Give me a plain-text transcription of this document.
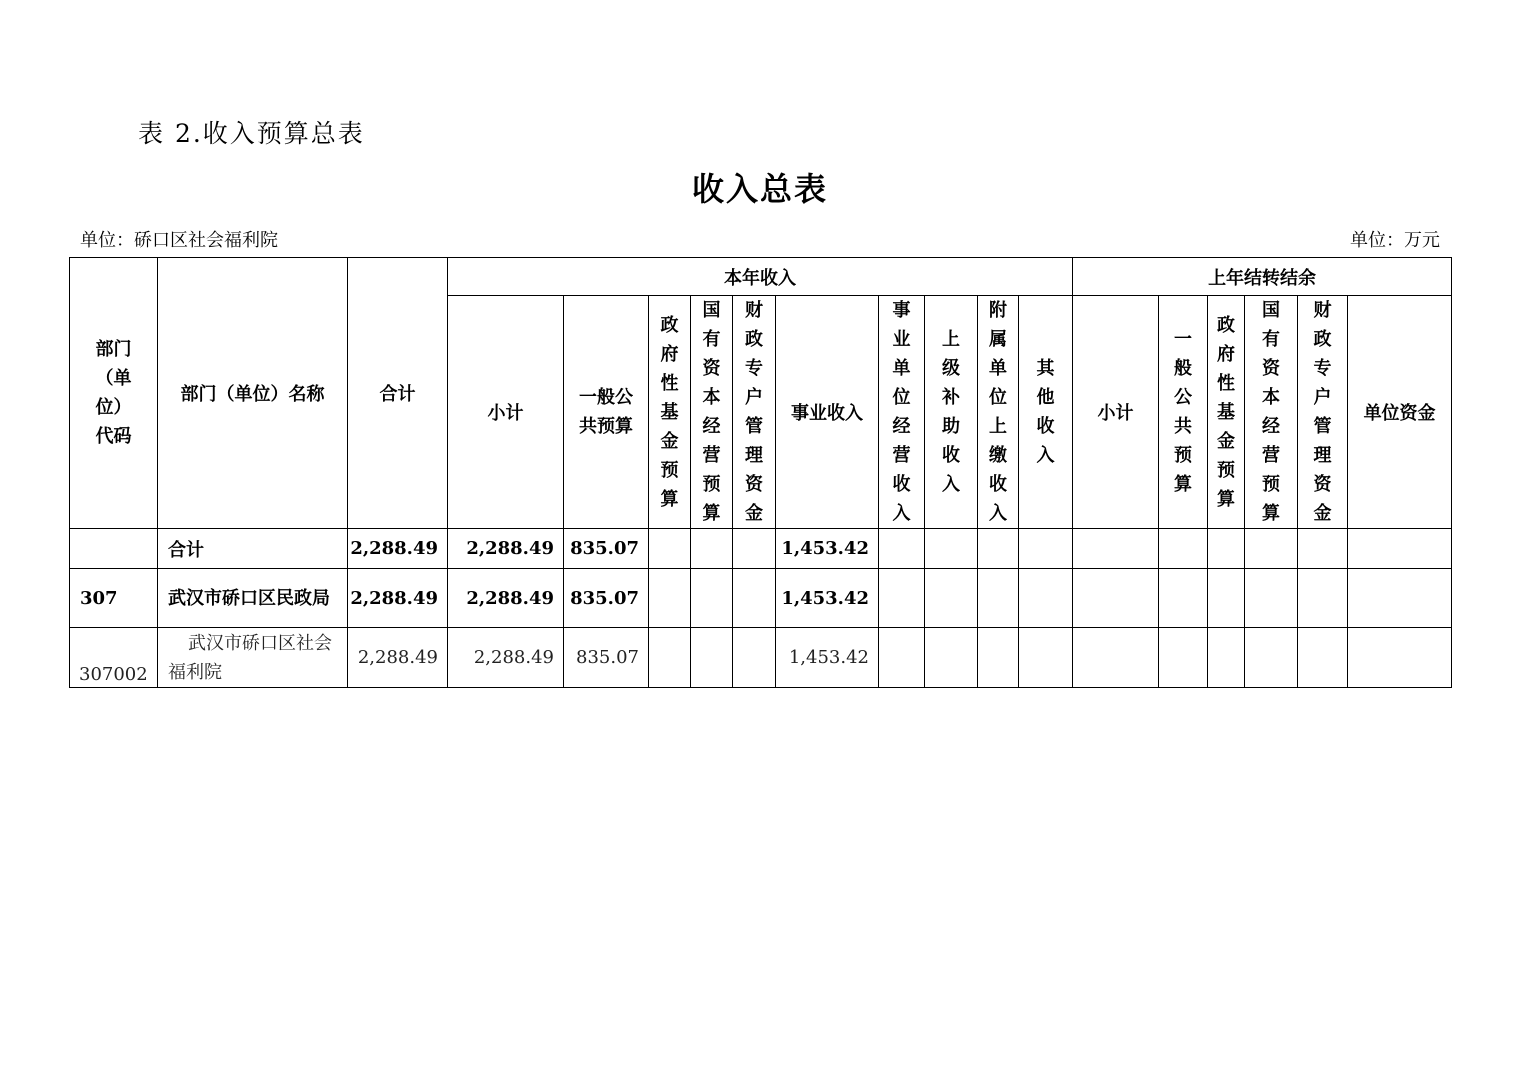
表 2.收入预算总表
收入总表
单位：硚口区社会福利院	单位：万元
部门（单位）代码	部门（单位）名称	合计	本年收入										上年结转结余					
			小计	一般公共预算	政府性基金预算	国有资本经营预算	财政专户管理资金	事业收入	事业单位经营收入	上级补助收入	附属单位上缴收入	其他收入	小计	一般公共预算	政府性基金预算	国有资本经营预算	财政专户管理资金	单位资金
	合计	2,288.49	2,288.49	835.07				1,453.42										
307	武汉市硚口区民政局	2,288.49	2,288.49	835.07				1,453.42										
307002	武汉市硚口区社会福利院	2,288.49	2,288.49	835.07				1,453.42										
